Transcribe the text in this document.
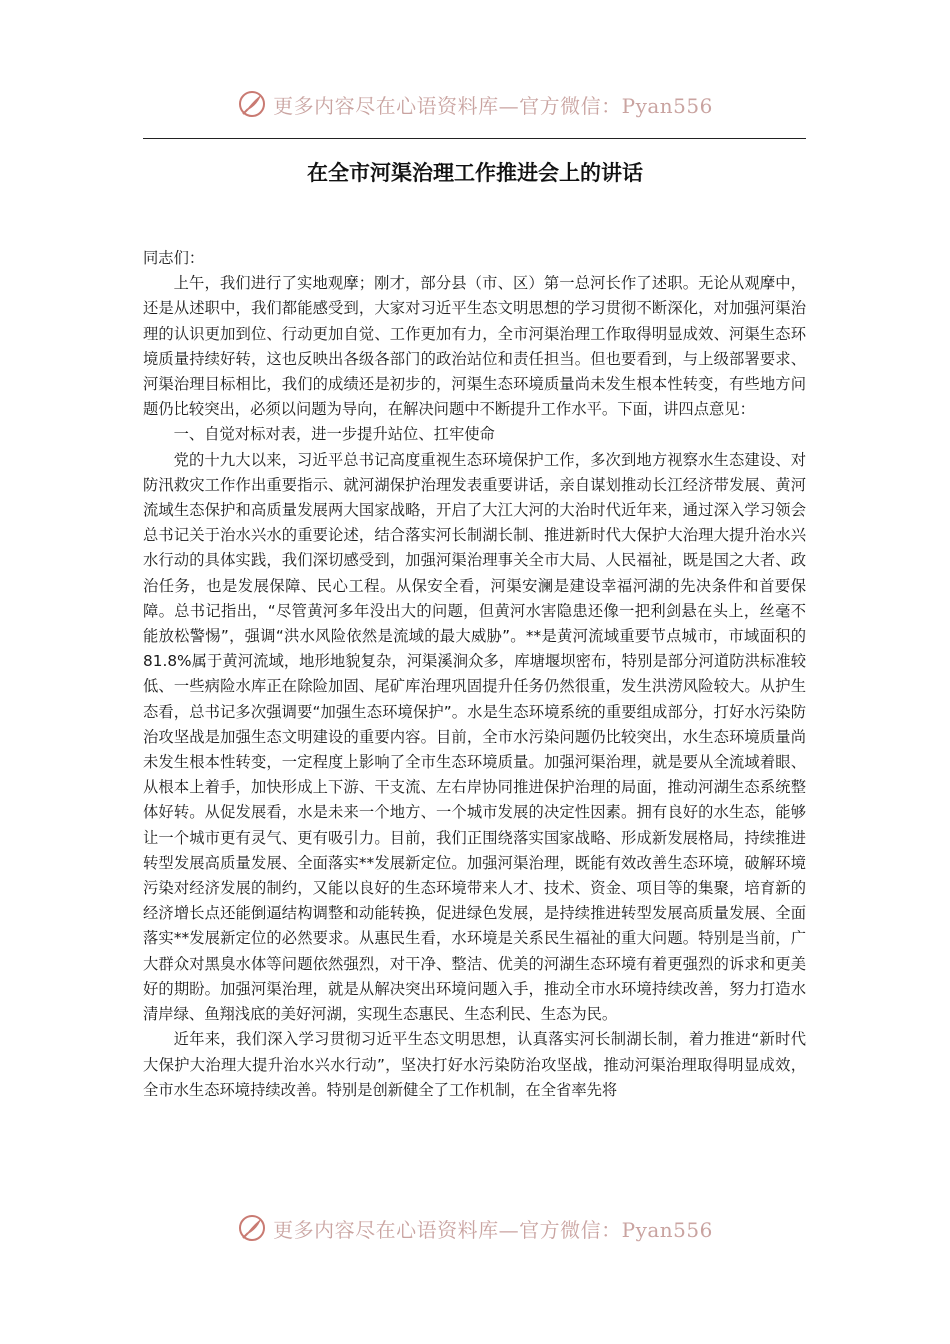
更多内容尽在心语资料库—官方微信：Pyan556
在全市河渠治理工作推进会上的讲话

同志们：

上午，我们进行了实地观摩；刚才，部分县（市、区）第一总河长作了述职。无论从观摩中，还是从述职中，我们都能感受到，大家对习近平生态文明思想的学习贯彻不断深化，对加强河渠治理的认识更加到位、行动更加自觉、工作更加有力，全市河渠治理工作取得明显成效、河渠生态环境质量持续好转，这也反映出各级各部门的政治站位和责任担当。但也要看到，与上级部署要求、河渠治理目标相比，我们的成绩还是初步的，河渠生态环境质量尚未发生根本性转变，有些地方问题仍比较突出，必须以问题为导向，在解决问题中不断提升工作水平。下面，讲四点意见：

一、自觉对标对表，进一步提升站位、扛牢使命

党的十九大以来，习近平总书记高度重视生态环境保护工作，多次到地方视察水生态建设、对防汛救灾工作作出重要指示、就河湖保护治理发表重要讲话，亲自谋划推动长江经济带发展、黄河流域生态保护和高质量发展两大国家战略，开启了大江大河的大治时代近年来，通过深入学习领会总书记关于治水兴水的重要论述，结合落实河长制湖长制、推进新时代大保护大治理大提升治水兴水行动的具体实践，我们深切感受到，加强河渠治理事关全市大局、人民福祉，既是国之大者、政治任务，也是发展保障、民心工程。从保安全看，河渠安澜是建设幸福河湖的先决条件和首要保障。总书记指出，“尽管黄河多年没出大的问题，但黄河水害隐患还像一把利剑悬在头上，丝毫不能放松警惕”，强调“洪水风险依然是流域的最大威胁”。**是黄河流域重要节点城市，市域面积的81.8%属于黄河流域，地形地貌复杂，河渠溪涧众多，库塘堰坝密布，特别是部分河道防洪标准较低、一些病险水库正在除险加固、尾矿库治理巩固提升任务仍然很重，发生洪涝风险较大。从护生态看，总书记多次强调要“加强生态环境保护”。水是生态环境系统的重要组成部分，打好水污染防治攻坚战是加强生态文明建设的重要内容。目前，全市水污染问题仍比较突出，水生态环境质量尚未发生根本性转变，一定程度上影响了全市生态环境质量。加强河渠治理，就是要从全流域着眼、从根本上着手，加快形成上下游、干支流、左右岸协同推进保护治理的局面，推动河湖生态系统整体好转。从促发展看，水是未来一个地方、一个城市发展的决定性因素。拥有良好的水生态，能够让一个城市更有灵气、更有吸引力。目前，我们正围绕落实国家战略、形成新发展格局，持续推进转型发展高质量发展、全面落实**发展新定位。加强河渠治理，既能有效改善生态环境，破解环境污染对经济发展的制约，又能以良好的生态环境带来人才、技术、资金、项目等的集聚，培育新的经济增长点还能倒逼结构调整和动能转换，促进绿色发展，是持续推进转型发展高质量发展、全面落实**发展新定位的必然要求。从惠民生看，水环境是关系民生福祉的重大问题。特别是当前，广大群众对黑臭水体等问题依然强烈，对干净、整洁、优美的河湖生态环境有着更强烈的诉求和更美好的期盼。加强河渠治理，就是从解决突出环境问题入手，推动全市水环境持续改善，努力打造水清岸绿、鱼翔浅底的美好河湖，实现生态惠民、生态利民、生态为民。

近年来，我们深入学习贯彻习近平生态文明思想，认真落实河长制湖长制，着力推进“新时代大保护大治理大提升治水兴水行动”，坚决打好水污染防治攻坚战，推动河渠治理取得明显成效，全市水生态环境持续改善。特别是创新健全了工作机制，在全省率先将

更多内容尽在心语资料库—官方微信：Pyan556
